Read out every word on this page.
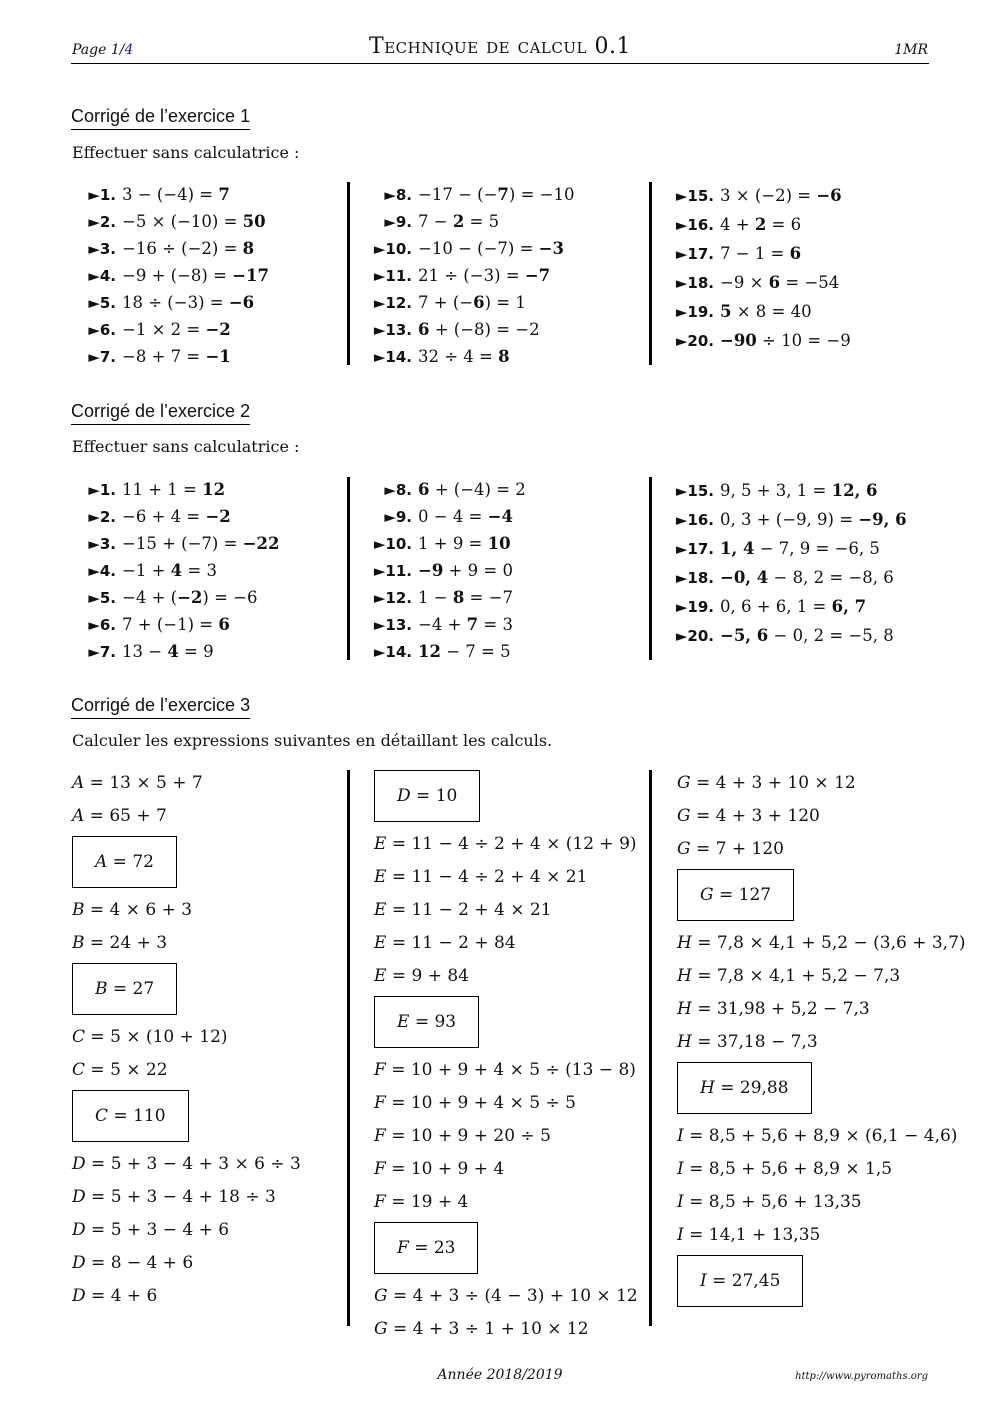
Page 1/4	Technique de calcul 0.1	1MR
Corrigé de l’exercice 1
Effectuer sans calculatrice :
►1. 3 − (−4) = 7
►2. −5 × (−10) = 50
►3. −16 ÷ (−2) = 8
►4. −9 + (−8) = −17
►5. 18 ÷ (−3) = −6
►6. −1 × 2 = −2
►7. −8 + 7 = −1
►8. −17 − (−7) = −10
►9. 7 − 2 = 5
►10. −10 − (−7) = −3
►11. 21 ÷ (−3) = −7
►12. 7 + (−6) = 1
►13. 6 + (−8) = −2
►14. 32 ÷ 4 = 8
►15. 3 × (−2) = −6
►16. 4 + 2 = 6
►17. 7 − 1 = 6
►18. −9 × 6 = −54
►19. 5 × 8 = 40
►20. −90 ÷ 10 = −9
Corrigé de l’exercice 2
Effectuer sans calculatrice :
►1. 11 + 1 = 12
►2. −6 + 4 = −2
►3. −15 + (−7) = −22
►4. −1 + 4 = 3
►5. −4 + (−2) = −6
►6. 7 + (−1) = 6
►7. 13 − 4 = 9
►8. 6 + (−4) = 2
►9. 0 − 4 = −4
►10. 1 + 9 = 10
►11. −9 + 9 = 0
►12. 1 − 8 = −7
►13. −4 + 7 = 3
►14. 12 − 7 = 5
►15. 9, 5 + 3, 1 = 12, 6
►16. 0, 3 + (−9, 9) = −9, 6
►17. 1, 4 − 7, 9 = −6, 5
►18. −0, 4 − 8, 2 = −8, 6
►19. 0, 6 + 6, 1 = 6, 7
►20. −5, 6 − 0, 2 = −5, 8
Corrigé de l’exercice 3
Calculer les expressions suivantes en détaillant les calculs.
A = 13 × 5 + 7
A = 65 + 7
A = 72
B = 4 × 6 + 3
B = 24 + 3
B = 27
C = 5 × (10 + 12)
C = 5 × 22
C = 110
D = 5 + 3 − 4 + 3 × 6 ÷ 3
D = 5 + 3 − 4 + 18 ÷ 3
D = 5 + 3 − 4 + 6
D = 8 − 4 + 6
D = 4 + 6
D = 10
E = 11 − 4 ÷ 2 + 4 × (12 + 9)
E = 11 − 4 ÷ 2 + 4 × 21
E = 11 − 2 + 4 × 21
E = 11 − 2 + 84
E = 9 + 84
E = 93
F = 10 + 9 + 4 × 5 ÷ (13 − 8)
F = 10 + 9 + 4 × 5 ÷ 5
F = 10 + 9 + 20 ÷ 5
F = 10 + 9 + 4
F = 19 + 4
F = 23
G = 4 + 3 ÷ (4 − 3) + 10 × 12
G = 4 + 3 ÷ 1 + 10 × 12
G = 4 + 3 + 10 × 12
G = 4 + 3 + 120
G = 7 + 120
G = 127
H = 7,8 × 4,1 + 5,2 − (3,6 + 3,7)
H = 7,8 × 4,1 + 5,2 − 7,3
H = 31,98 + 5,2 − 7,3
H = 37,18 − 7,3
H = 29,88
I = 8,5 + 5,6 + 8,9 × (6,1 − 4,6)
I = 8,5 + 5,6 + 8,9 × 1,5
I = 8,5 + 5,6 + 13,35
I = 14,1 + 13,35
I = 27,45
Année 2018/2019	http://www.pyromaths.org
